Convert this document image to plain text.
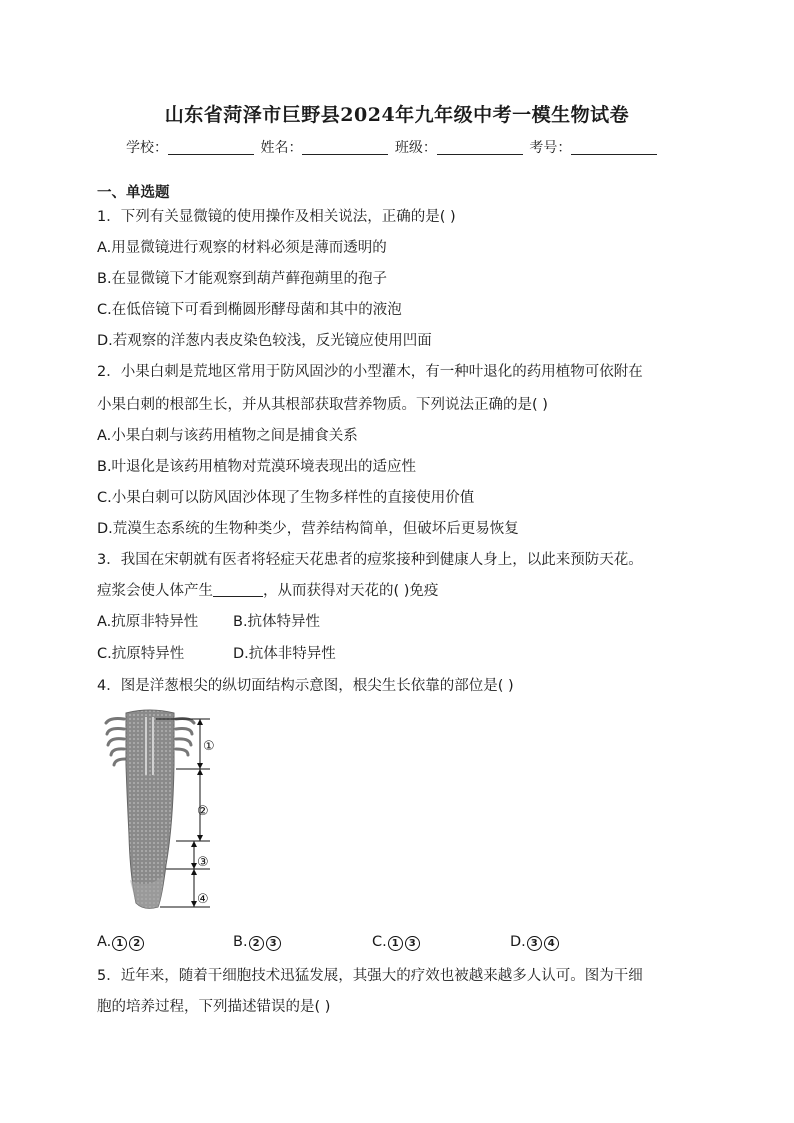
山东省菏泽市巨野县2024年九年级中考一模生物试卷
学校：	姓名：	班级：	考号：
一、单选题
1．下列有关显微镜的使用操作及相关说法，正确的是( )
A.用显微镜进行观察的材料必须是薄而透明的
B.在显微镜下才能观察到葫芦藓孢蒴里的孢子
C.在低倍镜下可看到椭圆形酵母菌和其中的液泡
D.若观察的洋葱内表皮染色较浅，反光镜应使用凹面
2．小果白刺是荒地区常用于防风固沙的小型灌木，有一种叶退化的药用植物可依附在
小果白刺的根部生长，并从其根部获取营养物质。下列说法正确的是( )
A.小果白刺与该药用植物之间是捕食关系
B.叶退化是该药用植物对荒漠环境表现出的适应性
C.小果白刺可以防风固沙体现了生物多样性的直接使用价值
D.荒漠生态系统的生物种类少，营养结构简单，但破坏后更易恢复
3．我国在宋朝就有医者将轻症天花患者的痘浆接种到健康人身上，以此来预防天花。
痘浆会使人体产生	，从而获得对天花的( )免疫
A.抗原非特异性 B.抗体特异性
C.抗原特异性	D.抗体非特异性
4．图是洋葱根尖的纵切面结构示意图，根尖生长依靠的部位是( )
①
②
③
④
A. 1 2	B. 2 3	C. 1 3	D. 3 4
5．近年来，随着干细胞技术迅猛发展，其强大的疗效也被越来越多人认可。图为干细
胞的培养过程，下列描述错误的是( )
